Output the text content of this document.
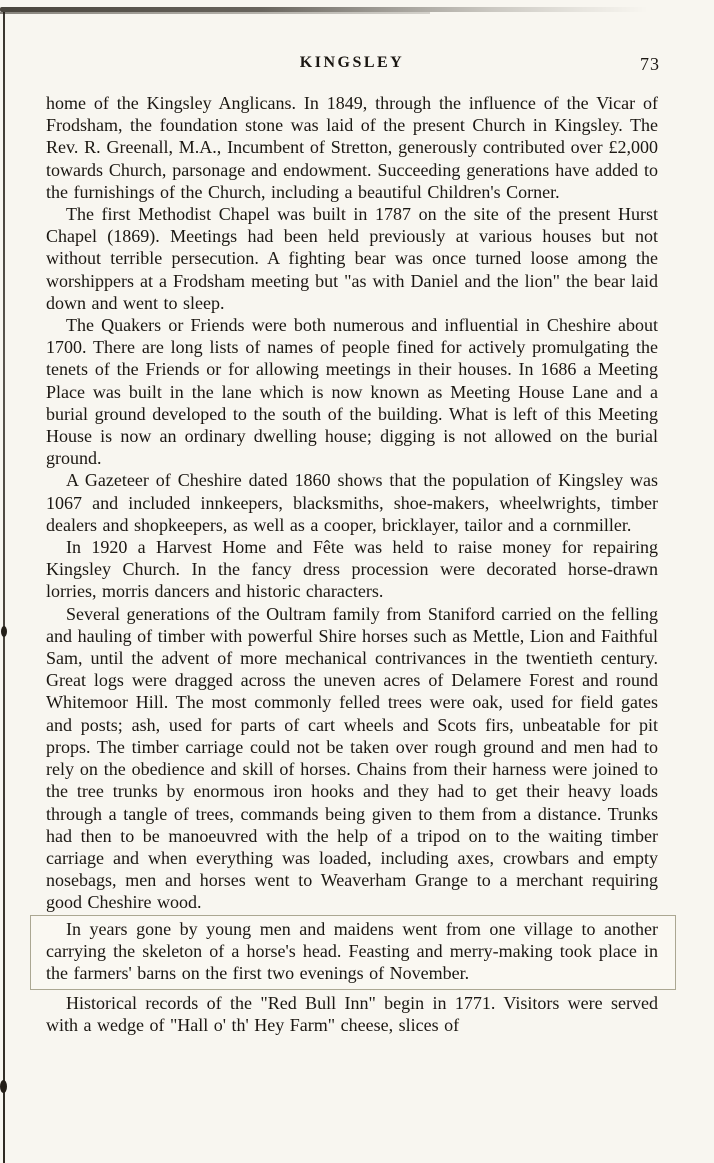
KINGSLEY	73

home of the Kingsley Anglicans. In 1849, through the influence of the Vicar of Frodsham, the foundation stone was laid of the present Church in Kingsley. The Rev. R. Greenall, M.A., Incumbent of Stretton, generously contributed over £2,000 towards Church, parsonage and endowment. Succeeding generations have added to the furnishings of the Church, including a beautiful Children's Corner.

The first Methodist Chapel was built in 1787 on the site of the present Hurst Chapel (1869). Meetings had been held previously at various houses but not without terrible persecution. A fighting bear was once turned loose among the worshippers at a Frodsham meeting but "as with Daniel and the lion" the bear laid down and went to sleep.

The Quakers or Friends were both numerous and influential in Cheshire about 1700. There are long lists of names of people fined for actively promulgating the tenets of the Friends or for allowing meetings in their houses. In 1686 a Meeting Place was built in the lane which is now known as Meeting House Lane and a burial ground developed to the south of the building. What is left of this Meeting House is now an ordinary dwelling house; digging is not allowed on the burial ground.

A Gazeteer of Cheshire dated 1860 shows that the population of Kingsley was 1067 and included innkeepers, blacksmiths, shoe-makers, wheelwrights, timber dealers and shopkeepers, as well as a cooper, bricklayer, tailor and a cornmiller.

In 1920 a Harvest Home and Fête was held to raise money for repairing Kingsley Church. In the fancy dress procession were decorated horse-drawn lorries, morris dancers and historic characters.

Several generations of the Oultram family from Staniford carried on the felling and hauling of timber with powerful Shire horses such as Mettle, Lion and Faithful Sam, until the advent of more mechanical contrivances in the twentieth century. Great logs were dragged across the uneven acres of Delamere Forest and round Whitemoor Hill. The most commonly felled trees were oak, used for field gates and posts; ash, used for parts of cart wheels and Scots firs, unbeatable for pit props. The timber carriage could not be taken over rough ground and men had to rely on the obedience and skill of horses. Chains from their harness were joined to the tree trunks by enormous iron hooks and they had to get their heavy loads through a tangle of trees, commands being given to them from a distance. Trunks had then to be manoeuvred with the help of a tripod on to the waiting timber carriage and when everything was loaded, including axes, crowbars and empty nosebags, men and horses went to Weaverham Grange to a merchant requiring good Cheshire wood.

In years gone by young men and maidens went from one village to another carrying the skeleton of a horse's head. Feasting and merry-making took place in the farmers' barns on the first two evenings of November.

Historical records of the "Red Bull Inn" begin in 1771. Visitors were served with a wedge of "Hall o' th' Hey Farm" cheese, slices of
